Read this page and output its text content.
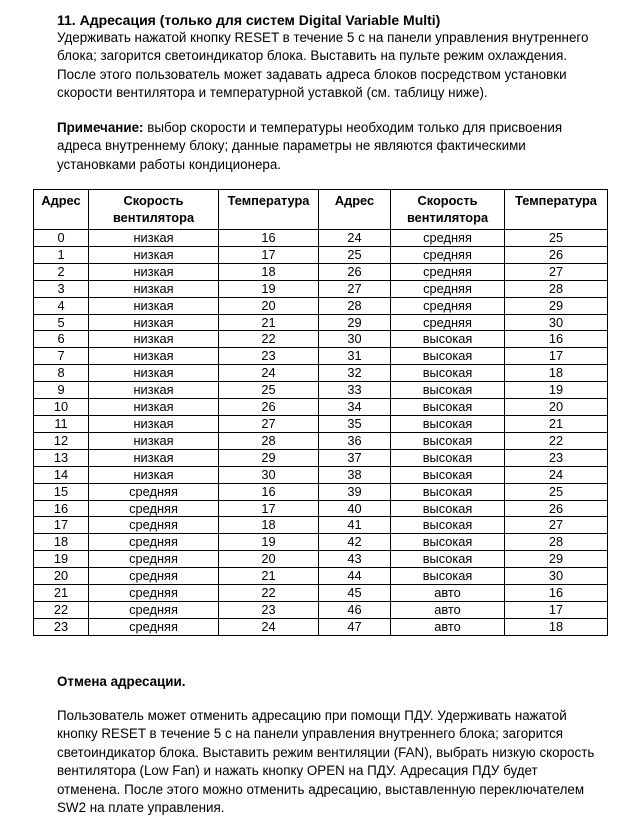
11. Адресация (только для систем Digital Variable Multi)

Удерживать нажатой кнопку RESET в течение 5 с на панели управления внутреннего блока; загорится светоиндикатор блока. Выставить на пульте режим охлаждения. После этого пользователь может задавать адреса блоков посредством установки скорости вентилятора и температурной уставкой (см. таблицу ниже).

Примечание: выбор скорости и температуры необходим только для присвоения адреса внутреннему блоку; данные параметры не являются фактическими установками работы кондиционера.

Адрес	Скорость вентилятора	Температура	Адрес	Скорость вентилятора	Температура
0	низкая	16	24	средняя	25
1	низкая	17	25	средняя	26
2	низкая	18	26	средняя	27
3	низкая	19	27	средняя	28
4	низкая	20	28	средняя	29
5	низкая	21	29	средняя	30
6	низкая	22	30	высокая	16
7	низкая	23	31	высокая	17
8	низкая	24	32	высокая	18
9	низкая	25	33	высокая	19
10	низкая	26	34	высокая	20
11	низкая	27	35	высокая	21
12	низкая	28	36	высокая	22
13	низкая	29	37	высокая	23
14	низкая	30	38	высокая	24
15	средняя	16	39	высокая	25
16	средняя	17	40	высокая	26
17	средняя	18	41	высокая	27
18	средняя	19	42	высокая	28
19	средняя	20	43	высокая	29
20	средняя	21	44	высокая	30
21	средняя	22	45	авто	16
22	средняя	23	46	авто	17
23	средняя	24	47	авто	18
Отмена адресации.

Пользователь может отменить адресацию при помощи ПДУ. Удерживать нажатой кнопку RESET в течение 5 с на панели управления внутреннего блока; загорится светоиндикатор блока. Выставить режим вентиляции (FAN), выбрать низкую скорость вентилятора (Low Fan) и нажать кнопку OPEN на ПДУ. Адресация ПДУ будет отменена. После этого можно отменить адресацию, выставленную переключателем SW2 на плате управления.
